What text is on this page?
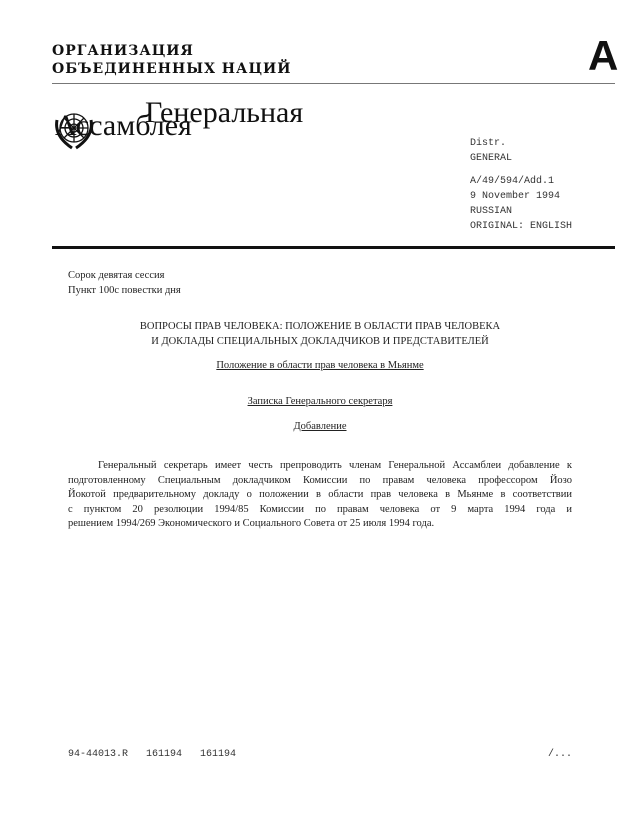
ОРГАНИЗАЦИЯ
ОБЪЕДИНЕННЫХ НАЦИЙ	A
Генеральная
Ассамблея
Distr.
GENERAL
A/49/594/Add.1
9 November 1994
RUSSIAN
ORIGINAL: ENGLISH
Сорок девятая сессия
Пункт 100с повестки дня
ВОПРОСЫ ПРАВ ЧЕЛОВЕКА: ПОЛОЖЕНИЕ В ОБЛАСТИ ПРАВ ЧЕЛОВЕКА
И ДОКЛАДЫ СПЕЦИАЛЬНЫХ ДОКЛАДЧИКОВ И ПРЕДСТАВИТЕЛЕЙ
Положение в области прав человека в Мьянме
Записка Генерального секретаря
Добавление
Генеральный секретарь имеет честь препроводить членам Генеральной Ассамблеи добавление к
подготовленному Специальным докладчиком Комиссии по правам человека профессором Йозо
Йокотой предварительному докладу о положении в области прав человека в Мьянме в соответствии
с пунктом 20 резолюции 1994/85 Комиссии по правам человека от 9 марта 1994 года и
решением 1994/269 Экономического и Социального Совета от 25 июля 1994 года.
94-44013.R   161194   161194	/...
